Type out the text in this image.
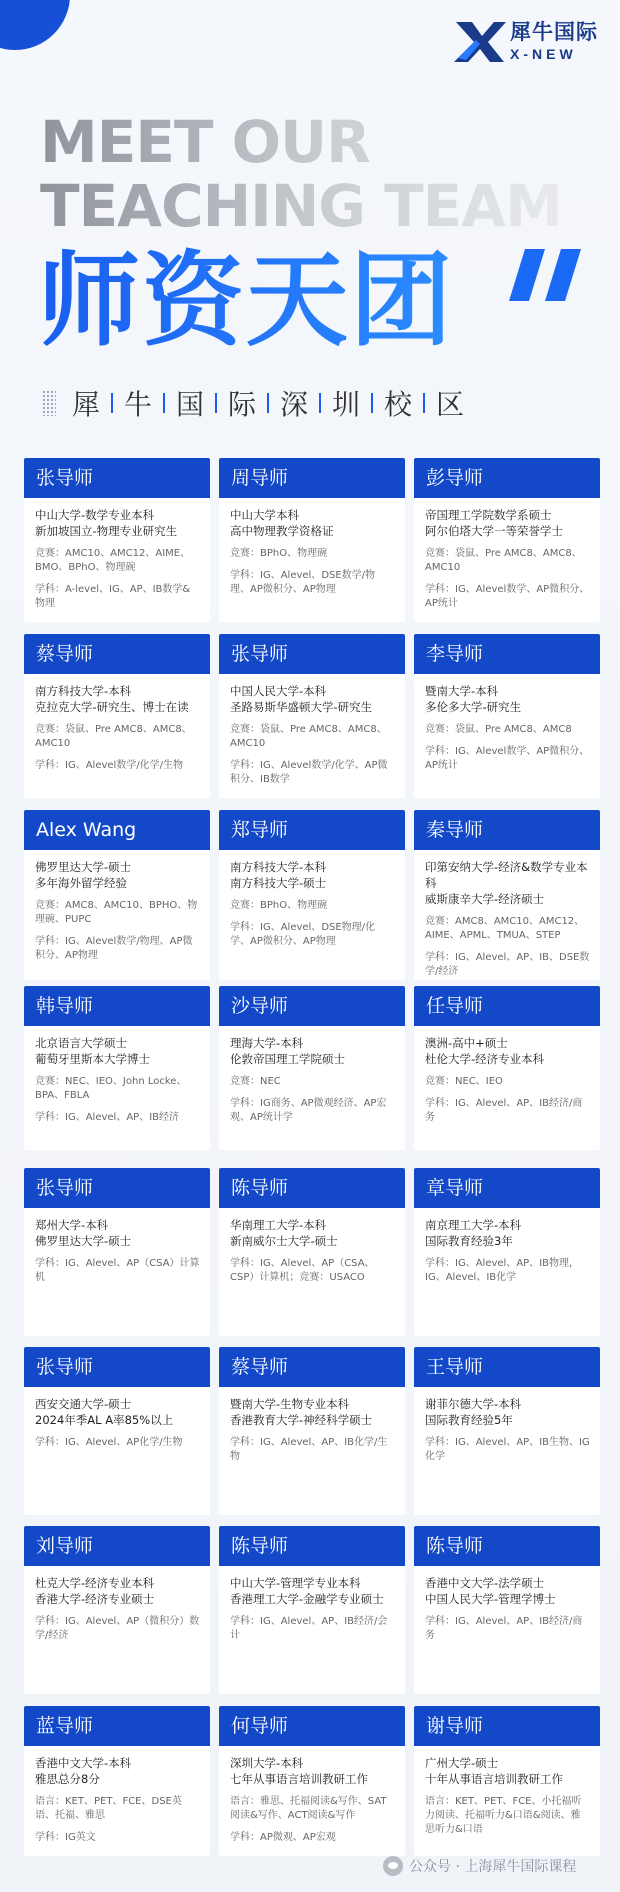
犀牛国际
X-NEW
MEET OUR
TEACHING TEAM
师资天团
犀 牛 国 际 深 圳 校 区
张导师
中山大学-数学专业本科
新加坡国立-物理专业研究生
竞赛：AMC10、AMC12、AIME、BMO、BPhO、物理碗
学科：A-level、IG、AP、IB数学&物理
周导师
中山大学本科
高中物理教学资格证
竞赛：BPhO、物理碗
学科：IG、Alevel、DSE数学/物理、AP微积分、AP物理
彭导师
帝国理工学院数学系硕士
阿尔伯塔大学一等荣誉学士
竞赛：袋鼠、Pre AMC8、AMC8、AMC10
学科：IG、Alevel数学、AP微积分、AP统计
蔡导师
南方科技大学-本科
克拉克大学-研究生、博士在读
竞赛：袋鼠、Pre AMC8、AMC8、AMC10
学科：IG、Alevel数学/化学/生物
张导师
中国人民大学-本科
圣路易斯华盛顿大学-研究生
竞赛：袋鼠、Pre AMC8、AMC8、AMC10
学科：IG、Alevel数学/化学、AP微积分、IB数学
李导师
暨南大学-本科
多伦多大学-研究生
竞赛：袋鼠、Pre AMC8、AMC8
学科：IG、Alevel数学、AP微积分、AP统计
Alex Wang
佛罗里达大学-硕士
多年海外留学经验
竞赛：AMC8、AMC10、BPHO、物理碗、PUPC
学科：IG、Alevel数学/物理、AP微积分、AP物理
郑导师
南方科技大学-本科
南方科技大学-硕士
竞赛：BPhO、物理碗
学科：IG、Alevel、DSE物理/化学、AP微积分、AP物理
秦导师
印第安纳大学-经济&数学专业本科
威斯康辛大学-经济硕士
竞赛：AMC8、AMC10、AMC12、AIME、APML、TMUA、STEP
学科：IG、Alevel、AP、IB、DSE数学/经济
韩导师
北京语言大学硕士
葡萄牙里斯本大学博士
竞赛：NEC、IEO、John Locke、BPA、FBLA
学科：IG、Alevel、AP、IB经济
沙导师
理海大学-本科
伦敦帝国理工学院硕士
竞赛：NEC
学科：IG商务、AP微观经济、AP宏观、AP统计学
任导师
澳洲-高中+硕士
杜伦大学-经济专业本科
竞赛：NEC、IEO
学科：IG、Alevel、AP、IB经济/商务
张导师
郑州大学-本科
佛罗里达大学-硕士
学科：IG、Alevel、AP（CSA）计算机
陈导师
华南理工大学-本科
新南威尔士大学-硕士
学科：IG、Alevel、AP（CSA、CSP）计算机；竞赛：USACO
章导师
南京理工大学-本科
国际教育经验3年
学科：IG、Alevel、AP、IB物理，IG、Alevel、IB化学
张导师
西安交通大学-硕士
2024年季AL A率85%以上
学科：IG、Alevel、AP化学/生物
蔡导师
暨南大学-生物专业本科
香港教育大学-神经科学硕士
学科：IG、Alevel、AP、IB化学/生物
王导师
谢菲尔德大学-本科
国际教育经验5年
学科：IG、Alevel、AP、IB生物、IG化学
刘导师
杜克大学-经济专业本科
香港大学-经济专业硕士
学科：IG、Alevel、AP（微积分）数学/经济
陈导师
中山大学-管理学专业本科
香港理工大学-金融学专业硕士
学科：IG、Alevel、AP、IB经济/会计
陈导师
香港中文大学-法学硕士
中国人民大学-管理学博士
学科：IG、Alevel、AP、IB经济/商务
蓝导师
香港中文大学-本科
雅思总分8分
语言：KET、PET、FCE、DSE英语、托福、雅思
学科：IG英文
何导师
深圳大学-本科
七年从事语言培训教研工作
语言：雅思、托福阅读&写作、SAT阅读&写作、ACT阅读&写作
学科：AP微观、AP宏观
谢导师
广州大学-硕士
十年从事语言培训教研工作
语言：KET、PET、FCE、小托福听力阅读、托福听力&口语&阅读、雅思听力&口语
公众号 · 上海犀牛国际课程
